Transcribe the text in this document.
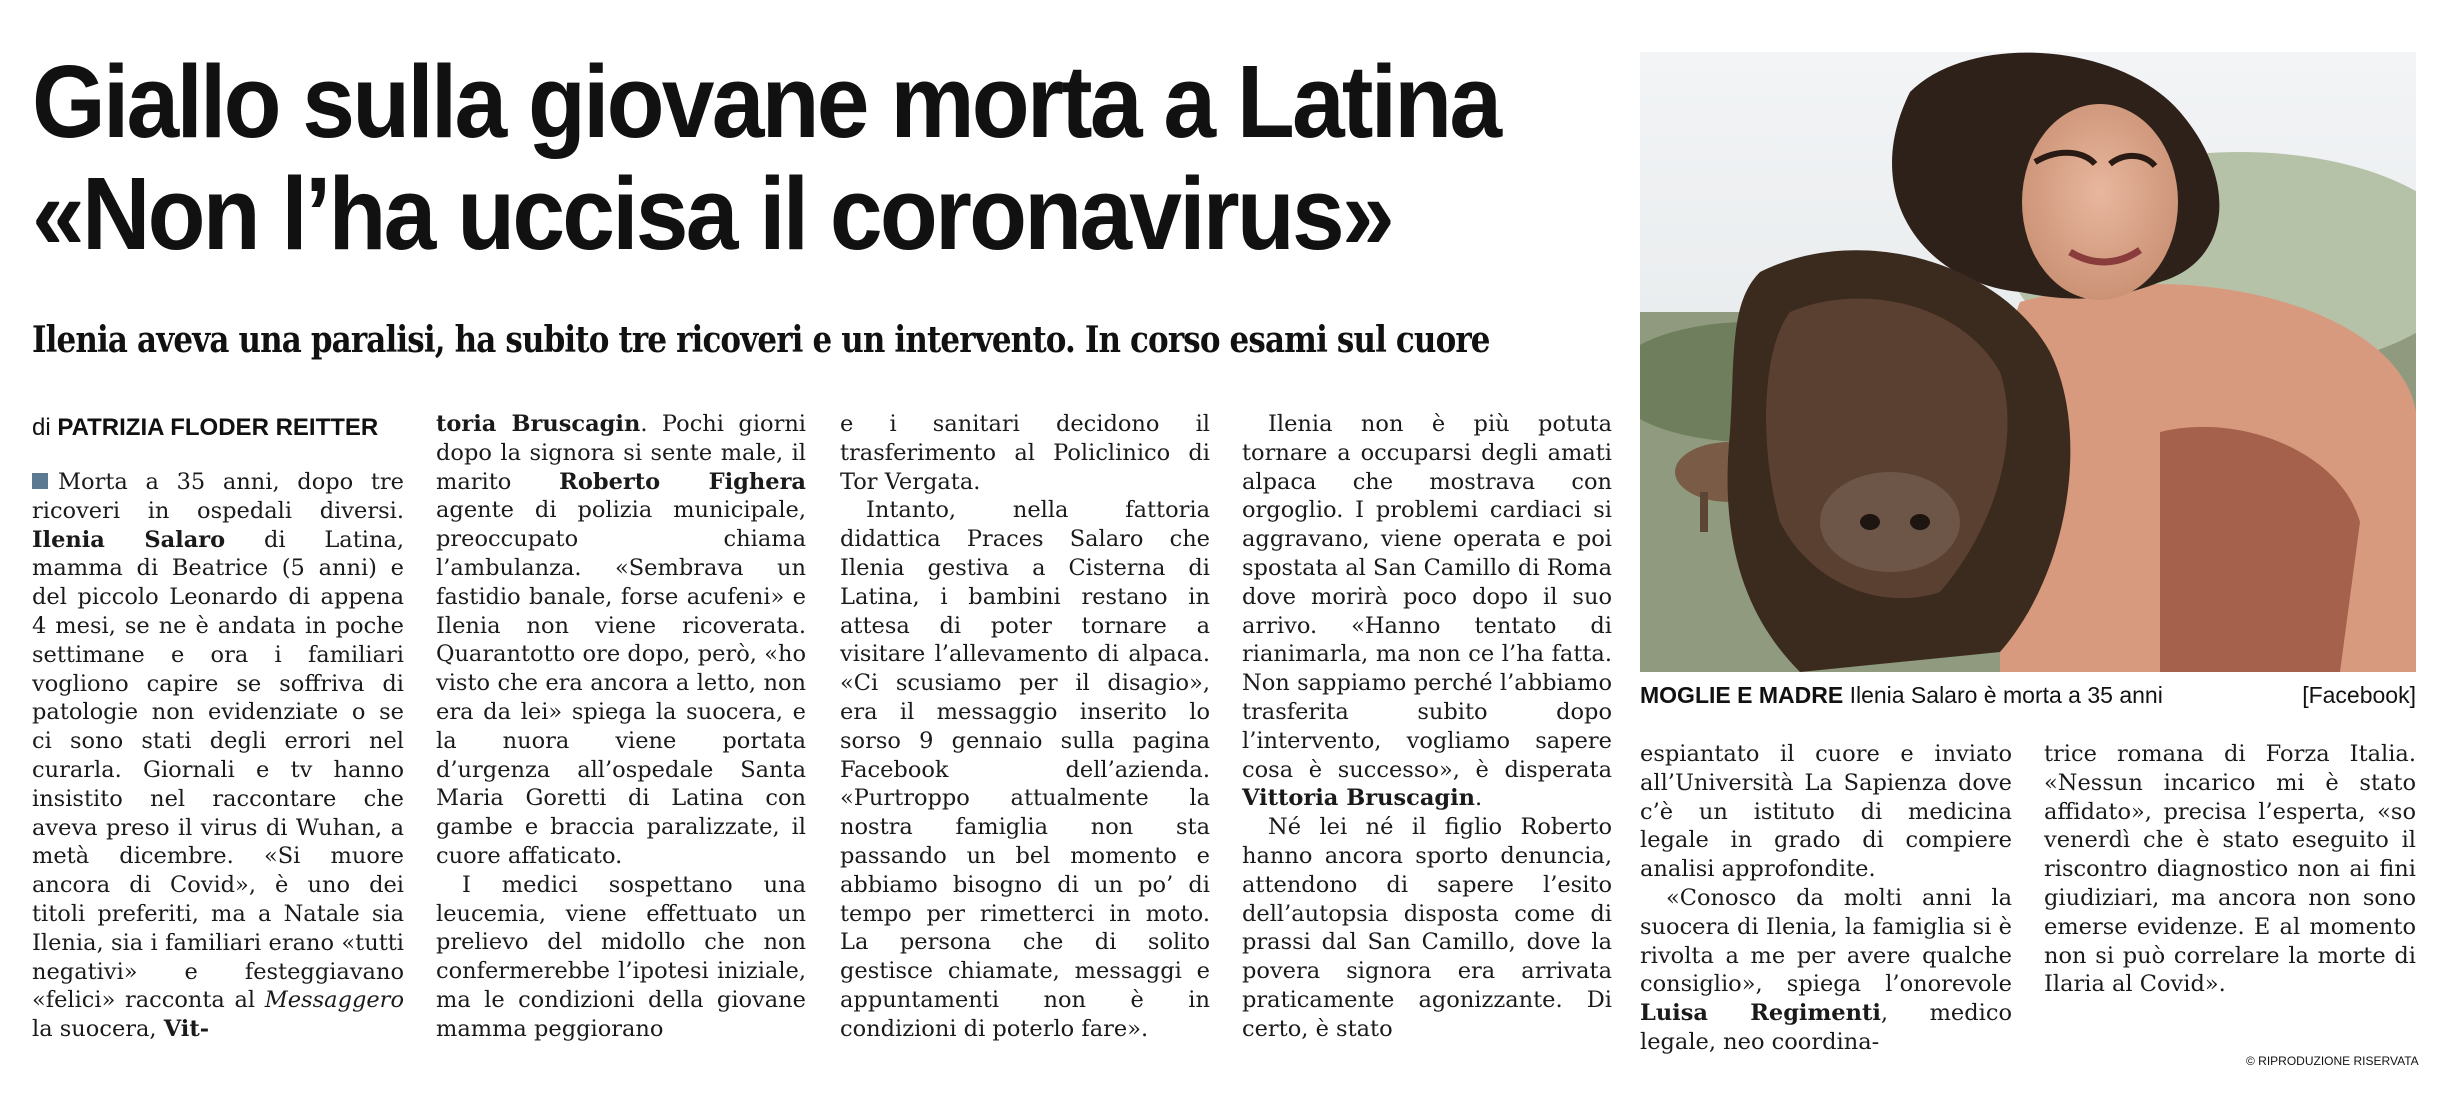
Giallo sulla giovane morta a Latina
«Non l’ha uccisa il coronavirus»
Ilenia aveva una paralisi, ha subito tre ricoveri e un intervento. In corso esami sul cuore
di PATRIZIA FLODER REITTER

Morta a 35 anni, dopo tre ricoveri in ospedali diversi. Ilenia Salaro di Latina, mamma di Beatrice (5 anni) e del piccolo Leonardo di appena 4 mesi, se ne è andata in poche settimane e ora i familiari vogliono capire se soffriva di patologie non evidenziate o se ci sono stati degli errori nel curarla. Giornali e tv hanno insistito nel raccontare che aveva preso il virus di Wuhan, a metà dicembre. «Si muore ancora di Covid», è uno dei titoli preferiti, ma a Natale sia Ilenia, sia i familiari erano «tutti negativi» e festeggiavano «felici» racconta al Messaggero la suocera, Vit-

toria Bruscagin. Pochi giorni dopo la signora si sente male, il marito Roberto Fighera agente di polizia municipale, preoccupato chiama l’ambulanza. «Sembrava un fastidio banale, forse acufeni» e Ilenia non viene ricoverata. Quarantotto ore dopo, però, «ho visto che era ancora a letto, non era da lei» spiega la suocera, e la nuora viene portata d’urgenza all’ospedale Santa Maria Goretti di Latina con gambe e braccia paralizzate, il cuore affaticato.

I medici sospettano una leucemia, viene effettuato un prelievo del midollo che non confermerebbe l’ipotesi iniziale, ma le condizioni della giovane mamma peggiorano

e i sanitari decidono il trasferimento al Policlinico di Tor Vergata.

Intanto, nella fattoria didattica Praces Salaro che Ilenia gestiva a Cisterna di Latina, i bambini restano in attesa di poter tornare a visitare l’allevamento di alpaca. «Ci scusiamo per il disagio», era il messaggio inserito lo sorso 9 gennaio sulla pagina Facebook dell’azienda. «Purtroppo attualmente la nostra famiglia non sta passando un bel momento e abbiamo bisogno di un po’ di tempo per rimetterci in moto. La persona che di solito gestisce chiamate, messaggi e appuntamenti non è in condizioni di poterlo fare».

Ilenia non è più potuta tornare a occuparsi degli amati alpaca che mostrava con orgoglio. I problemi cardiaci si aggravano, viene operata e poi spostata al San Camillo di Roma dove morirà poco dopo il suo arrivo. «Hanno tentato di rianimarla, ma non ce l’ha fatta. Non sappiamo perché l’abbiamo trasferita subito dopo l’intervento, vogliamo sapere cosa è successo», è disperata Vittoria Bruscagin.

Né lei né il figlio Roberto hanno ancora sporto denuncia, attendono di sapere l’esito dell’autopsia disposta come di prassi dal San Camillo, dove la povera signora era arrivata praticamente agonizzante. Di certo, è stato

MOGLIE E MADRE Ilenia Salaro è morta a 35 anni	[Facebook]

espiantato il cuore e inviato all’Università La Sapienza dove c’è un istituto di medicina legale in grado di compiere analisi approfondite.

«Conosco da molti anni la suocera di Ilenia, la famiglia si è rivolta a me per avere qualche consiglio», spiega l’onorevole Luisa Regimenti, medico legale, neo coordina-

trice romana di Forza Italia. «Nessun incarico mi è stato affidato», precisa l’esperta, «so venerdì che è stato eseguito il riscontro diagnostico non ai fini giudiziari, ma ancora non sono emerse evidenze. E al momento non si può correlare la morte di Ilaria al Covid».

© RIPRODUZIONE RISERVATA
